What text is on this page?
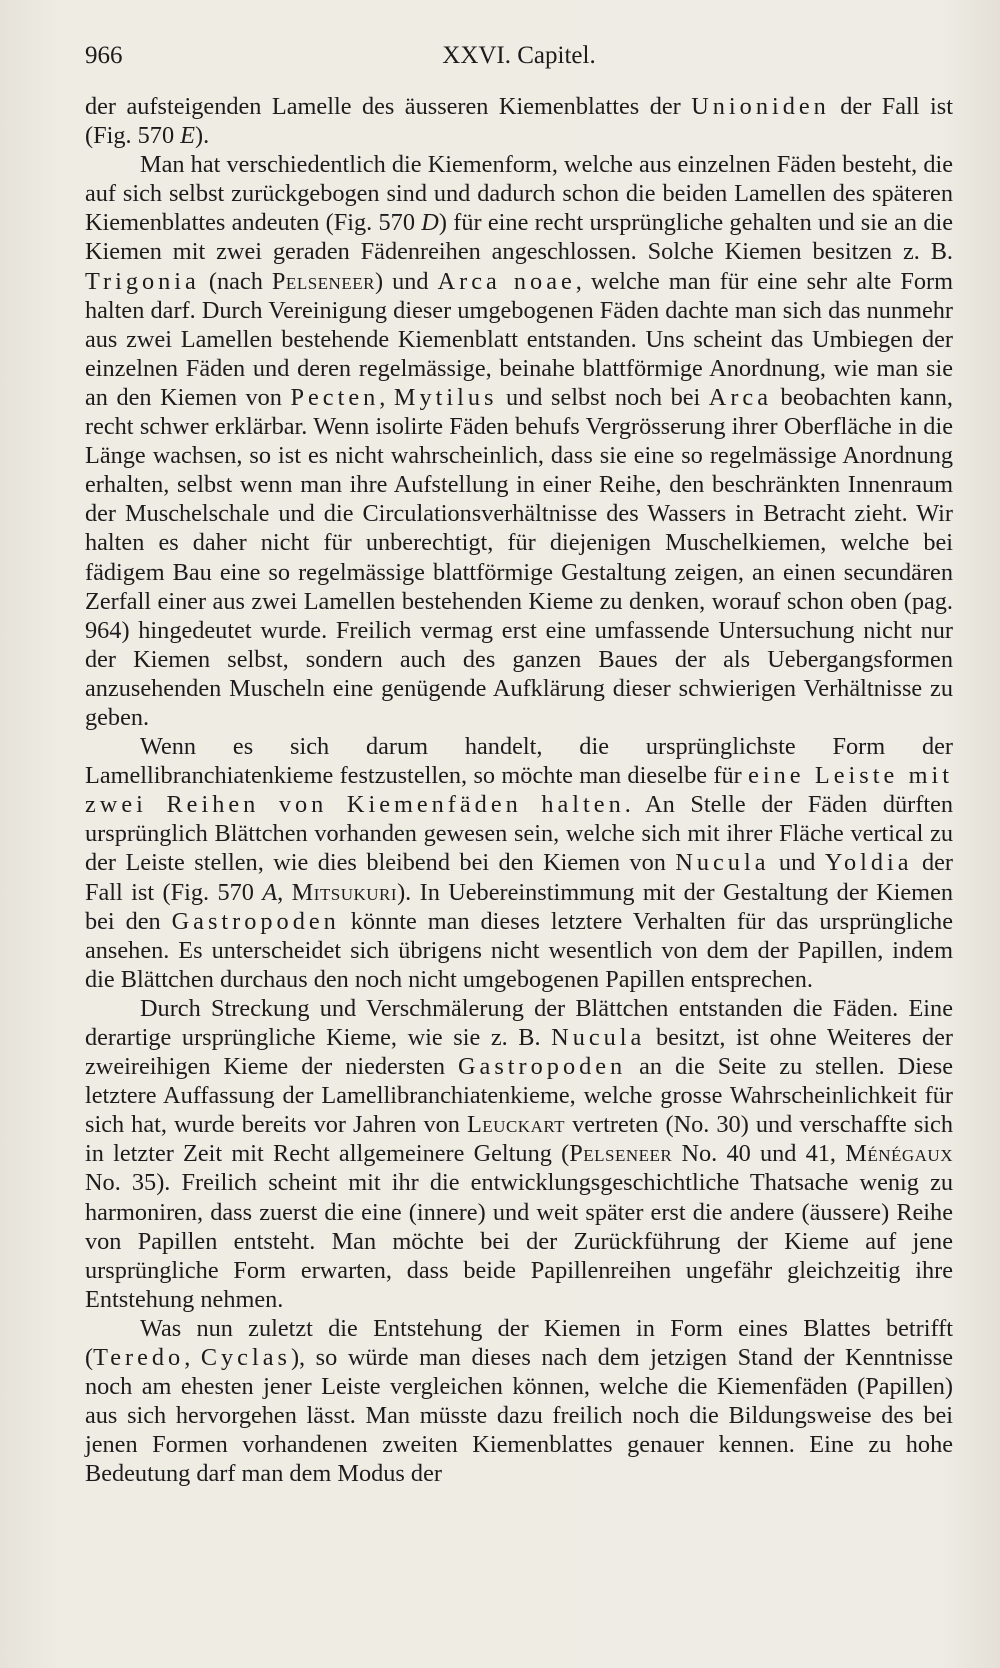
966	XXVI. Capitel.

der aufsteigenden Lamelle des äusseren Kiemenblattes der Unioniden der Fall ist (Fig. 570 E).

Man hat verschiedentlich die Kiemenform, welche aus einzelnen Fäden besteht, die auf sich selbst zurückgebogen sind und dadurch schon die beiden Lamellen des späteren Kiemenblattes andeuten (Fig. 570 D) für eine recht ursprüngliche gehalten und sie an die Kiemen mit zwei geraden Fädenreihen angeschlossen. Solche Kiemen besitzen z. B. Trigonia (nach Pelseneer) und Arca noae, welche man für eine sehr alte Form halten darf. Durch Vereinigung dieser umgebogenen Fäden dachte man sich das nunmehr aus zwei Lamellen bestehende Kiemenblatt entstanden. Uns scheint das Umbiegen der einzelnen Fäden und deren regelmässige, beinahe blattförmige Anordnung, wie man sie an den Kiemen von Pecten, Mytilus und selbst noch bei Arca beobachten kann, recht schwer erklärbar. Wenn isolirte Fäden behufs Vergrösserung ihrer Oberfläche in die Länge wachsen, so ist es nicht wahrscheinlich, dass sie eine so regelmässige Anordnung erhalten, selbst wenn man ihre Aufstellung in einer Reihe, den beschränkten Innenraum der Muschelschale und die Circulationsverhältnisse des Wassers in Betracht zieht. Wir halten es daher nicht für unberechtigt, für diejenigen Muschelkiemen, welche bei fädigem Bau eine so regelmässige blattförmige Gestaltung zeigen, an einen secundären Zerfall einer aus zwei Lamellen bestehenden Kieme zu denken, worauf schon oben (pag. 964) hingedeutet wurde. Freilich vermag erst eine umfassende Untersuchung nicht nur der Kiemen selbst, sondern auch des ganzen Baues der als Uebergangsformen anzusehenden Muscheln eine genügende Aufklärung dieser schwierigen Verhältnisse zu geben.

Wenn es sich darum handelt, die ursprünglichste Form der Lamellibranchiatenkieme festzustellen, so möchte man dieselbe für eine Leiste mit zwei Reihen von Kiemenfäden halten. An Stelle der Fäden dürften ursprünglich Blättchen vorhanden gewesen sein, welche sich mit ihrer Fläche vertical zu der Leiste stellen, wie dies bleibend bei den Kiemen von Nucula und Yoldia der Fall ist (Fig. 570 A, Mitsukuri). In Uebereinstimmung mit der Gestaltung der Kiemen bei den Gastropoden könnte man dieses letztere Verhalten für das ursprüngliche ansehen. Es unterscheidet sich übrigens nicht wesentlich von dem der Papillen, indem die Blättchen durchaus den noch nicht umgebogenen Papillen entsprechen.

Durch Streckung und Verschmälerung der Blättchen entstanden die Fäden. Eine derartige ursprüngliche Kieme, wie sie z. B. Nucula besitzt, ist ohne Weiteres der zweireihigen Kieme der niedersten Gastropoden an die Seite zu stellen. Diese letztere Auffassung der Lamellibranchiatenkieme, welche grosse Wahrscheinlichkeit für sich hat, wurde bereits vor Jahren von Leuckart vertreten (No. 30) und verschaffte sich in letzter Zeit mit Recht allgemeinere Geltung (Pelseneer No. 40 und 41, Ménégaux No. 35). Freilich scheint mit ihr die entwicklungsgeschichtliche Thatsache wenig zu harmoniren, dass zuerst die eine (innere) und weit später erst die andere (äussere) Reihe von Papillen entsteht. Man möchte bei der Zurückführung der Kieme auf jene ursprüngliche Form erwarten, dass beide Papillenreihen ungefähr gleichzeitig ihre Entstehung nehmen.

Was nun zuletzt die Entstehung der Kiemen in Form eines Blattes betrifft (Teredo, Cyclas), so würde man dieses nach dem jetzigen Stand der Kenntnisse noch am ehesten jener Leiste vergleichen können, welche die Kiemenfäden (Papillen) aus sich hervorgehen lässt. Man müsste dazu freilich noch die Bildungsweise des bei jenen Formen vorhandenen zweiten Kiemenblattes genauer kennen. Eine zu hohe Bedeutung darf man dem Modus der
